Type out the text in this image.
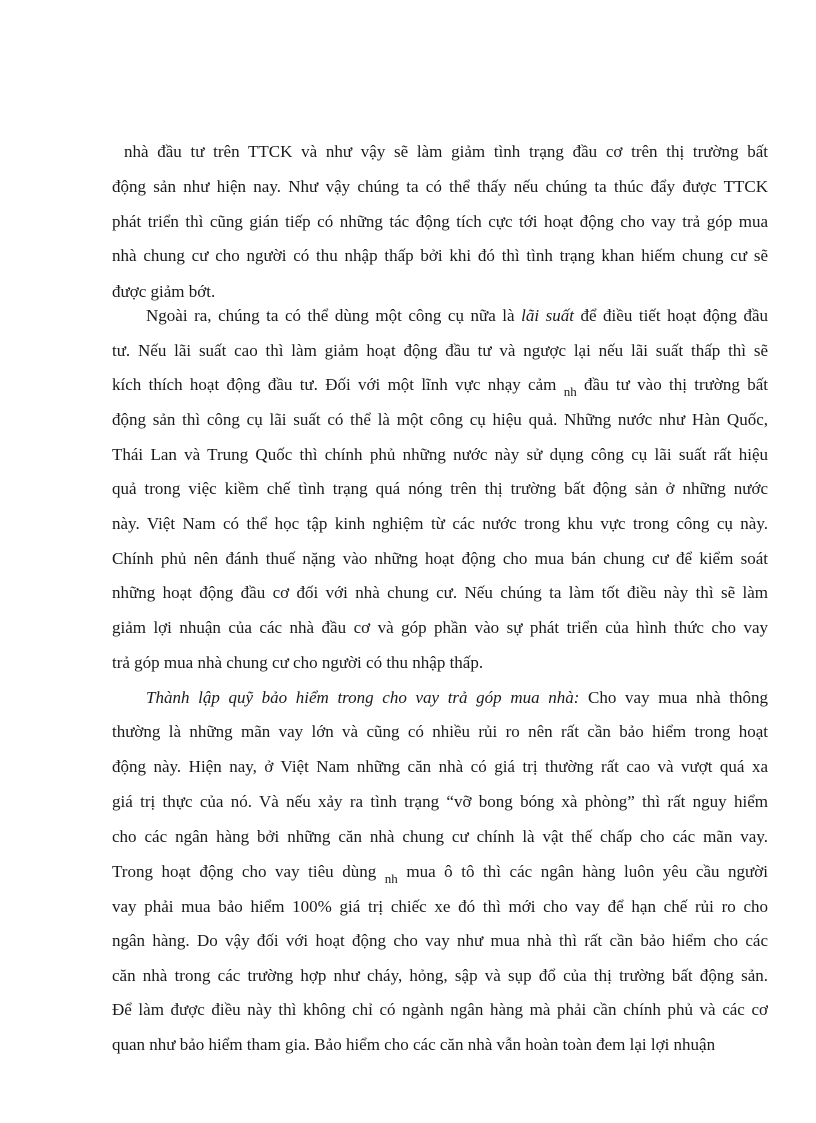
nhà đầu tư trên TTCK và như vậy sẽ làm giảm tình trạng đầu cơ trên thị trường bất
động sản như hiện nay. Như vậy chúng ta có thể thấy nếu chúng ta thúc đẩy được TTCK
phát triển thì cũng gián tiếp có những tác động tích cực tới hoạt động cho vay trả góp mua
nhà chung cư cho người có thu nhập thấp bởi khi đó thì tình trạng khan hiếm chung cư sẽ
được giảm bớt.
Ngoài ra, chúng ta có thể dùng một công cụ nữa là lãi suất để điều tiết hoạt động đầu
tư. Nếu lãi suất cao thì làm giảm hoạt động đầu tư và ngược lại nếu lãi suất thấp thì sẽ
kích thích hoạt động đầu tư. Đối với một lĩnh vực nhạy cảm $_{nh}$ đầu tư vào thị trường bất
động sản thì công cụ lãi suất có thể là một công cụ hiệu quả. Những nước như Hàn Quốc,
Thái Lan và Trung Quốc thì chính phủ những nước này sử dụng công cụ lãi suất rất hiệu
quả trong việc kiềm chế tình trạng quá nóng trên thị trường bất động sản ở những nước
này. Việt Nam có thể học tập kinh nghiệm từ các nước trong khu vực trong công cụ này.
Chính phủ nên đánh thuế nặng vào những hoạt động cho mua bán chung cư để kiểm soát
những hoạt động đầu cơ đối với nhà chung cư. Nếu chúng ta làm tốt điều này thì sẽ làm
giảm lợi nhuận của các nhà đầu cơ và góp phần vào sự phát triển của hình thức cho vay
trả góp mua nhà chung cư cho người có thu nhập thấp.
Thành lập quỹ bảo hiểm trong cho vay trả góp mua nhà: Cho vay mua nhà thông
thường là những mãn vay lớn và cũng có nhiều rủi ro nên rất cần bảo hiểm trong hoạt
động này. Hiện nay, ở Việt Nam những căn nhà có giá trị thường rất cao và vượt quá xa
giá trị thực của nó. Và nếu xảy ra tình trạng “vỡ bong bóng xà phòng” thì rất nguy hiểm
cho các ngân hàng bởi những căn nhà chung cư chính là vật thế chấp cho các mãn vay.
Trong hoạt động cho vay tiêu dùng $_{nh}$ mua ô tô thì các ngân hàng luôn yêu cầu người
vay phải mua bảo hiểm 100% giá trị chiếc xe đó thì mới cho vay để hạn chế rủi ro cho
ngân hàng. Do vậy đối với hoạt động cho vay như mua nhà thì rất cần bảo hiểm cho các
căn nhà trong các trường hợp như cháy, hỏng, sập và sụp đổ của thị trường bất động sản.
Để làm được điều này thì không chỉ có ngành ngân hàng mà phải cần chính phủ và các cơ
quan như bảo hiểm tham gia. Bảo hiểm cho các căn nhà vẫn hoàn toàn đem lại lợi nhuận
